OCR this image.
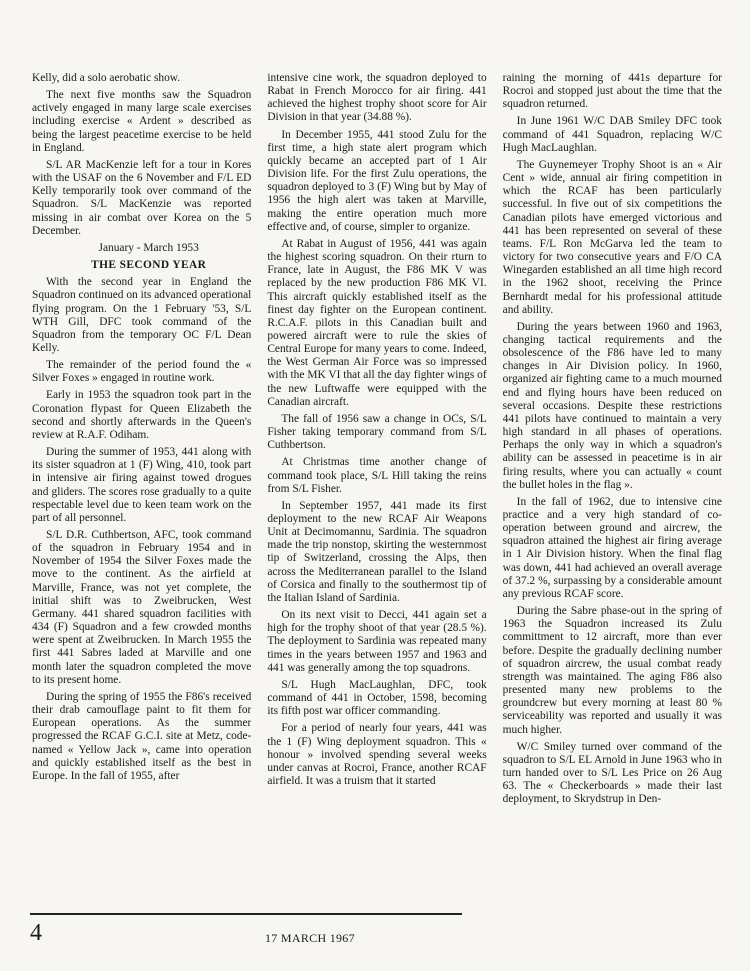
Kelly, did a solo aerobatic show.

The next five months saw the Squadron actively engaged in many large scale exercises including exercise « Ardent » described as being the largest peacetime exercise to be held in England.

S/L AR MacKenzie left for a tour in Kores with the USAF on the 6 November and F/L ED Kelly temporarily took over command of the Squadron. S/L MacKenzie was reported missing in air combat over Korea on the 5 December.

January - March 1953

THE SECOND YEAR

With the second year in England the Squadron continued on its advanced operational flying program. On the 1 February '53, S/L WTH Gill, DFC took command of the Squadron from the temporary OC F/L Dean Kelly.

The remainder of the period found the « Silver Foxes » engaged in routine work.

Early in 1953 the squadron took part in the Coronation flypast for Queen Elizabeth the second and shortly afterwards in the Queen's review at R.A.F. Odiham.

During the summer of 1953, 441 along with its sister squadron at 1 (F) Wing, 410, took part in intensive air firing against towed drogues and gliders. The scores rose gradually to a quite respectable level due to keen team work on the part of all personnel.

S/L D.R. Cuthbertson, AFC, took command of the squadron in February 1954 and in November of 1954 the Silver Foxes made the move to the continent. As the airfield at Marville, France, was not yet complete, the initial shift was to Zweibrucken, West Germany. 441 shared squadron facilities with 434 (F) Squadron and a few crowded months were spent at Zweibrucken. In March 1955 the first 441 Sabres laded at Marville and one month later the squadron completed the move to its present home.

During the spring of 1955 the F86's received their drab camouflage paint to fit them for European operations. As the summer progressed the RCAF G.C.I. site at Metz, code-named « Yellow Jack », came into operation and quickly established itself as the best in Europe. In the fall of 1955, after

intensive cine work, the squadron deployed to Rabat in French Morocco for air firing. 441 achieved the highest trophy shoot score for Air Division in that year (34.88 %).

In December 1955, 441 stood Zulu for the first time, a high state alert program which quickly became an accepted part of 1 Air Division life. For the first Zulu operations, the squadron deployed to 3 (F) Wing but by May of 1956 the high alert was taken at Marville, making the entire operation much more effective and, of course, simpler to organize.

At Rabat in August of 1956, 441 was again the highest scoring squadron. On their rturn to France, late in August, the F86 MK V was replaced by the new production F86 MK VI. This aircraft quickly established itself as the finest day fighter on the European continent. R.C.A.F. pilots in this Canadian built and powered aircraft were to rule the skies of Central Europe for many years to come. Indeed, the West German Air Force was so impressed with the MK VI that all the day fighter wings of the new Luftwaffe were equipped with the Canadian aircraft.

The fall of 1956 saw a change in OCs, S/L Fisher taking temporary command from S/L Cuthbertson.

At Christmas time another change of command took place, S/L Hill taking the reins from S/L Fisher.

In September 1957, 441 made its first deployment to the new RCAF Air Weapons Unit at Decimomannu, Sardinia. The squadron made the trip nonstop, skirting the westernmost tip of Switzerland, crossing the Alps, then across the Mediterranean parallel to the Island of Corsica and finally to the southermost tip of the Italian Island of Sardinia.

On its next visit to Decci, 441 again set a high for the trophy shoot of that year (28.5 %). The deployment to Sardinia was repeated many times in the years between 1957 and 1963 and 441 was generally among the top squadrons.

S/L Hugh MacLaughlan, DFC, took command of 441 in October, 1598, becoming its fifth post war officer commanding.

For a period of nearly four years, 441 was the 1 (F) Wing deployment squadron. This « honour » involved spending several weeks under canvas at Rocroi, France, another RCAF airfield. It was a truism that it started

raining the morning of 441s departure for Rocroi and stopped just about the time that the squadron returned.

In June 1961 W/C DAB Smiley DFC took command of 441 Squadron, replacing W/C Hugh MacLaughlan.

The Guynemeyer Trophy Shoot is an « Air Cent » wide, annual air firing competition in which the RCAF has been particularly successful. In five out of six competitions the Canadian pilots have emerged victorious and 441 has been represented on several of these teams. F/L Ron McGarva led the team to victory for two consecutive years and F/O CA Winegarden established an all time high record in the 1962 shoot, receiving the Prince Bernhardt medal for his professional attitude and ability.

During the years between 1960 and 1963, changing tactical requirements and the obsolescence of the F86 have led to many changes in Air Division policy. In 1960, organized air fighting came to a much mourned end and flying hours have been reduced on several occasions. Despite these restrictions 441 pilots have continued to maintain a very high standard in all phases of operations. Perhaps the only way in which a squadron's ability can be assessed in peacetime is in air firing results, where you can actually « count the bullet holes in the flag ».

In the fall of 1962, due to intensive cine practice and a very high standard of co-operation between ground and aircrew, the squadron attained the highest air firing average in 1 Air Division history. When the final flag was down, 441 had achieved an overall average of 37.2 %, surpassing by a considerable amount any previous RCAF score.

During the Sabre phase-out in the spring of 1963 the Squadron increased its Zulu committment to 12 aircraft, more than ever before. Despite the gradually declining number of squadron aircrew, the usual combat ready strength was maintained. The aging F86 also presented many new problems to the groundcrew but every morning at least 80 % serviceability was reported and usually it was much higher.

W/C Smiley turned over command of the squadron to S/L EL Arnold in June 1963 who in turn handed over to S/L Les Price on 26 Aug 63. The « Checkerboards » made their last deployment, to Skrydstrup in Den-

4	17 MARCH 1967
